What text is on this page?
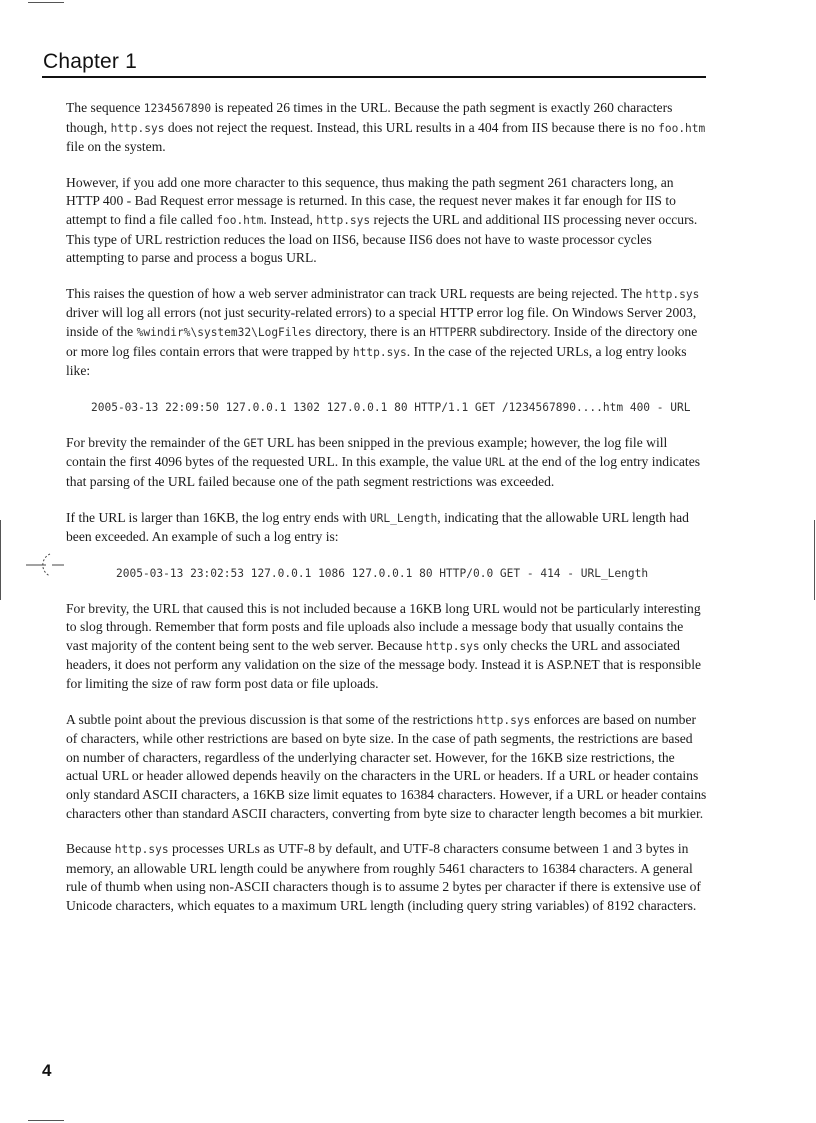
Chapter 1

The sequence 1234567890 is repeated 26 times in the URL. Because the path segment is exactly 260 characters though, http.sys does not reject the request. Instead, this URL results in a 404 from IIS because there is no foo.htm file on the system.

However, if you add one more character to this sequence, thus making the path segment 261 characters long, an HTTP 400 - Bad Request error message is returned. In this case, the request never makes it far enough for IIS to attempt to find a file called foo.htm. Instead, http.sys rejects the URL and additional IIS processing never occurs. This type of URL restriction reduces the load on IIS6, because IIS6 does not have to waste processor cycles attempting to parse and process a bogus URL.

This raises the question of how a web server administrator can track URL requests are being rejected. The http.sys driver will log all errors (not just security-related errors) to a special HTTP error log file. On Windows Server 2003, inside of the %windir%\system32\LogFiles directory, there is an HTTPERR subdirectory. Inside of the directory one or more log files contain errors that were trapped by http.sys. In the case of the rejected URLs, a log entry looks like:

2005-03-13 22:09:50 127.0.0.1 1302 127.0.0.1 80 HTTP/1.1 GET /1234567890....htm 400 - URL

For brevity the remainder of the GET URL has been snipped in the previous example; however, the log file will contain the first 4096 bytes of the requested URL. In this example, the value URL at the end of the log entry indicates that parsing of the URL failed because one of the path segment restrictions was exceeded.

If the URL is larger than 16KB, the log entry ends with URL_Length, indicating that the allowable URL length had been exceeded. An example of such a log entry is:

2005-03-13 23:02:53 127.0.0.1 1086 127.0.0.1 80 HTTP/0.0 GET - 414 - URL_Length

For brevity, the URL that caused this is not included because a 16KB long URL would not be particularly interesting to slog through. Remember that form posts and file uploads also include a message body that usually contains the vast majority of the content being sent to the web server. Because http.sys only checks the URL and associated headers, it does not perform any validation on the size of the message body. Instead it is ASP.NET that is responsible for limiting the size of raw form post data or file uploads.

A subtle point about the previous discussion is that some of the restrictions http.sys enforces are based on number of characters, while other restrictions are based on byte size. In the case of path segments, the restrictions are based on number of characters, regardless of the underlying character set. However, for the 16KB size restrictions, the actual URL or header allowed depends heavily on the characters in the URL or headers. If a URL or header contains only standard ASCII characters, a 16KB size limit equates to 16384 characters. However, if a URL or header contains characters other than standard ASCII characters, converting from byte size to character length becomes a bit murkier.

Because http.sys processes URLs as UTF-8 by default, and UTF-8 characters consume between 1 and 3 bytes in memory, an allowable URL length could be anywhere from roughly 5461 characters to 16384 characters. A general rule of thumb when using non-ASCII characters though is to assume 2 bytes per character if there is extensive use of Unicode characters, which equates to a maximum URL length (including query string variables) of 8192 characters.

4
